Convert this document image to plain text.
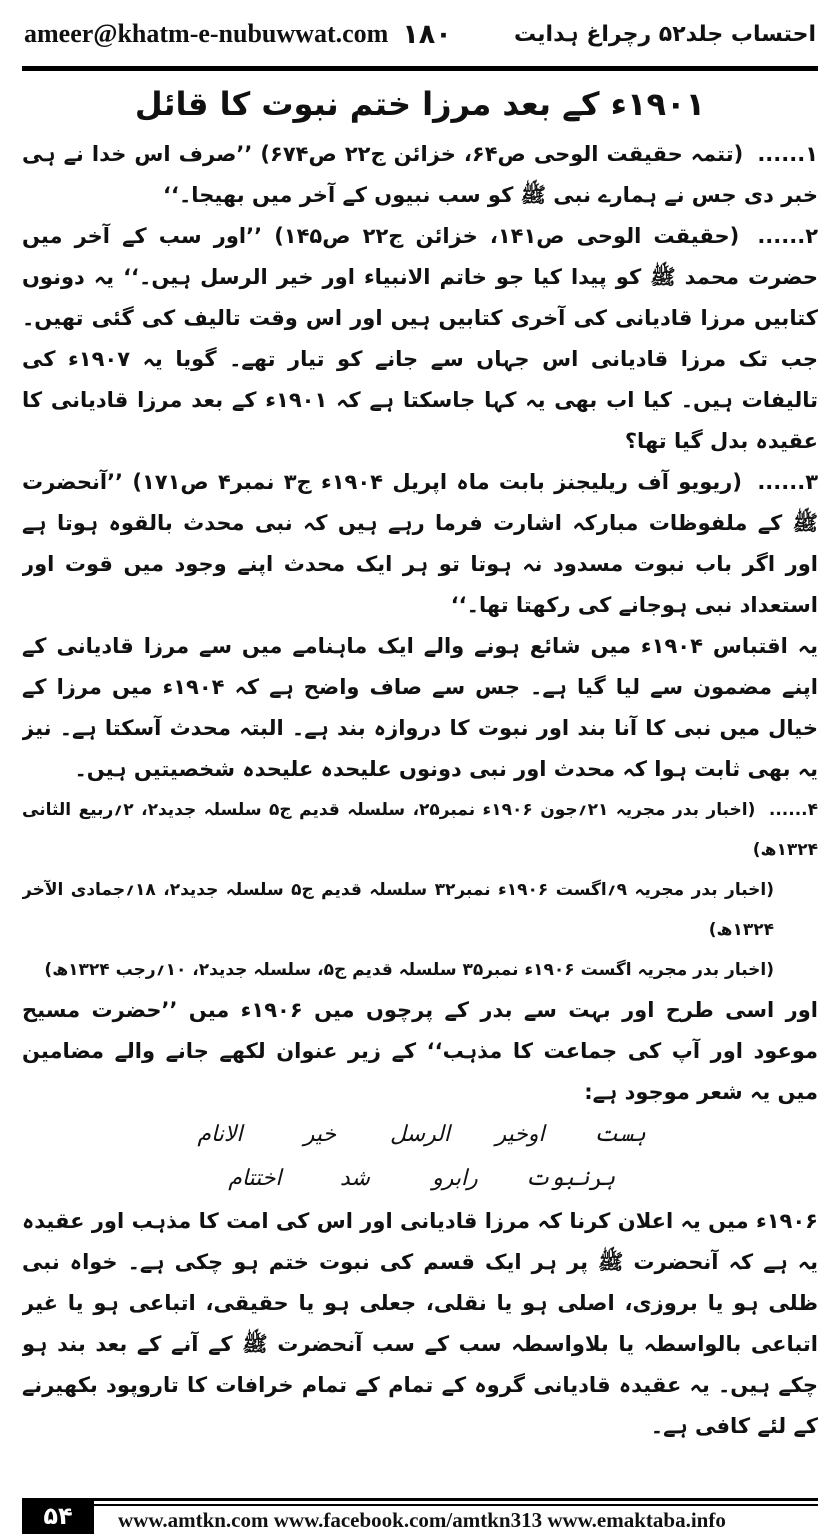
ameer@khatm-e-nubuwwat.com ۱۸۰	احتساب جلد۵۲ رچراغ ہدایت
۱۹۰۱ء کے بعد مرزا ختم نبوت کا قائل

۱...... (تتمہ حقیقت الوحی ص۶۴، خزائن ج۲۲ ص۶۷۴) ’’صرف اس خدا نے ہی خبر دی جس نے ہمارے نبی ﷺ کو سب نبیوں کے آخر میں بھیجا۔‘‘

۲...... (حقیقت الوحی ص۱۴۱، خزائن ج۲۲ ص۱۴۵) ’’اور سب کے آخر میں حضرت محمد ﷺ کو پیدا کیا جو خاتم الانبیاء اور خیر الرسل ہیں۔‘‘ یہ دونوں کتابیں مرزا قادیانی کی آخری کتابیں ہیں اور اس وقت تالیف کی گئی تھیں۔ جب تک مرزا قادیانی اس جہاں سے جانے کو تیار تھے۔ گویا یہ ۱۹۰۷ء کی تالیفات ہیں۔ کیا اب بھی یہ کہا جاسکتا ہے کہ ۱۹۰۱ء کے بعد مرزا قادیانی کا عقیدہ بدل گیا تھا؟

۳...... (ریویو آف ریلیجنز بابت ماہ اپریل ۱۹۰۴ء ج۳ نمبر۴ ص۱۷۱) ’’آنحضرت ﷺ کے ملفوظات مبارکہ اشارت فرما رہے ہیں کہ نبی محدث بالقوہ ہوتا ہے اور اگر باب نبوت مسدود نہ ہوتا تو ہر ایک محدث اپنے وجود میں قوت اور استعداد نبی ہوجانے کی رکھتا تھا۔‘‘

یہ اقتباس ۱۹۰۴ء میں شائع ہونے والے ایک ماہنامے میں سے مرزا قادیانی کے اپنے مضمون سے لیا گیا ہے۔ جس سے صاف واضح ہے کہ ۱۹۰۴ء میں مرزا کے خیال میں نبی کا آنا بند اور نبوت کا دروازہ بند ہے۔ البتہ محدث آسکتا ہے۔ نیز یہ بھی ثابت ہوا کہ محدث اور نبی دونوں علیحدہ علیحدہ شخصیتیں ہیں۔

۴...... (اخبار بدر مجریہ ۲۱؍جون ۱۹۰۶ء نمبر۲۵، سلسلہ قدیم ج۵ سلسلہ جدید۲، ۲؍ربیع الثانی ۱۳۲۴ھ)

(اخبار بدر مجریہ ۹؍اگست ۱۹۰۶ء نمبر۳۲ سلسلہ قدیم ج۵ سلسلہ جدید۲، ۱۸؍جمادی الآخر ۱۳۲۴ھ)

(اخبار بدر مجریہ اگست ۱۹۰۶ء نمبر۳۵ سلسلہ قدیم ج۵، سلسلہ جدید۲، ۱۰؍رجب ۱۳۲۴ھ)

اور اسی طرح اور بہت سے بدر کے پرچوں میں ۱۹۰۶ء میں ’’حضرت مسیح موعود اور آپ کی جماعت کا مذہب‘‘ کے زیر عنوان لکھے جانے والے مضامین میں یہ شعر موجود ہے:

ہست
اوخیر
الرسل
خیر
الانام
ہرنبوت
رابرو
شد
اختتام

۱۹۰۶ء میں یہ اعلان کرنا کہ مرزا قادیانی اور اس کی امت کا مذہب اور عقیدہ یہ ہے کہ آنحضرت ﷺ پر ہر ایک قسم کی نبوت ختم ہو چکی ہے۔ خواہ نبی ظلی ہو یا بروزی، اصلی ہو یا نقلی، جعلی ہو یا حقیقی، اتباعی ہو یا غیر اتباعی بالواسطہ یا بلاواسطہ سب کے سب آنحضرت ﷺ کے آنے کے بعد بند ہو چکے ہیں۔ یہ عقیدہ قادیانی گروہ کے تمام کے تمام خرافات کا تاروپود بکھیرنے کے لئے کافی ہے۔

۵۴	www.amtkn.com www.facebook.com/amtkn313 www.emaktaba.info
